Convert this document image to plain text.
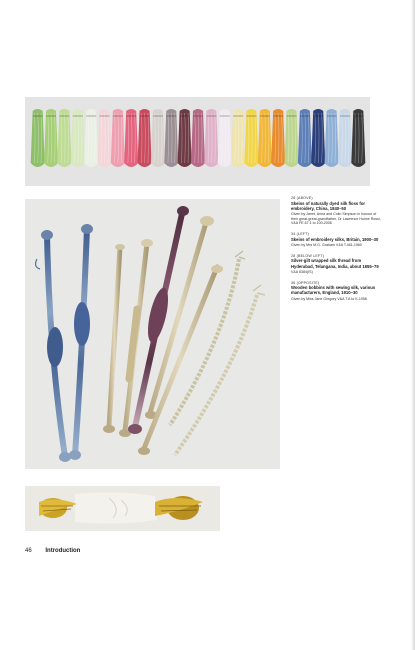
26 (ABOVE)
Skeins of naturally dyed silk floss for embroidery, China, 1840–50
Given by Janet, Anna and Colin Simpson in honour of their great-great-grandfather, Dr Lawrence Hulme Rossi, V&A FE.67:1 to 100-2006
34 (LEFT)
Skeins of embroidery silks, Britain, 1900–30
Given by Mrs M.G. Graham V&A T.481-1960
28 (BELOW LEFT)
Silver-gilt wrapped silk thread from Hyderabad, Telangana, India, about 1855–79
V&A 6384(IS)
36 (OPPOSITE)
Wooden bobbins with sewing silk, various manufacturers, England, 1910–30
Given by Miss Jane Gregory V&A T.A to K-1956
46 Introduction
